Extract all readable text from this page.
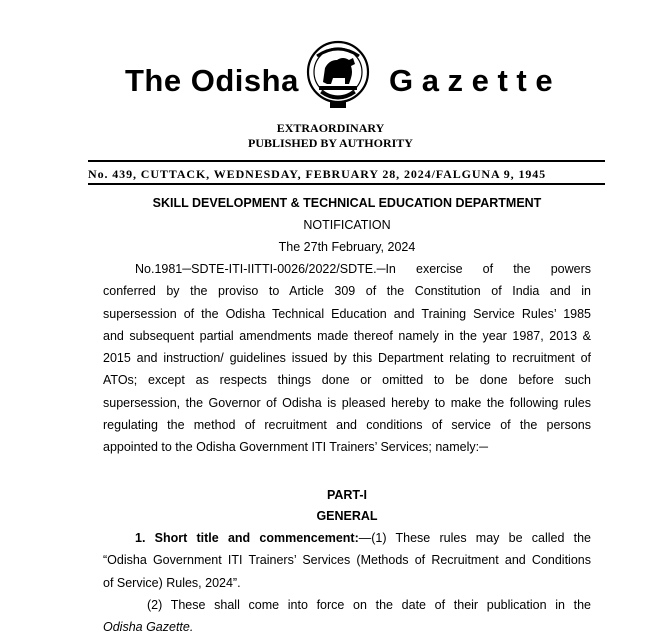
The Odisha	Gazette
EXTRAORDINARY
PUBLISHED BY AUTHORITY
No. 439, CUTTACK, WEDNESDAY, FEBRUARY 28, 2024/FALGUNA 9, 1945
SKILL DEVELOPMENT & TECHNICAL EDUCATION DEPARTMENT
NOTIFICATION
The 27th February, 2024
No.1981─SDTE-ITI-IITTI-0026/2022/SDTE.─In exercise of the powers
conferred by the proviso to Article 309 of the Constitution of India and in
supersession of the Odisha Technical Education and Training Service Rules’ 1985
and subsequent partial amendments made thereof namely in the year 1987, 2013 &
2015 and instruction/ guidelines issued by this Department relating to recruitment of
ATOs; except as respects things done or omitted to be done before such
supersession, the Governor of Odisha is pleased hereby to make the following rules
regulating the method of recruitment and conditions of service of the persons
appointed to the Odisha Government ITI Trainers’ Services; namely:─
PART-I
GENERAL
1. Short title and commencement:—(1) These rules may be called the
“Odisha Government ITI Trainers’ Services (Methods of Recruitment and Conditions
of Service) Rules, 2024”.
(2) These shall come into force on the date of their publication in the
Odisha Gazette.
